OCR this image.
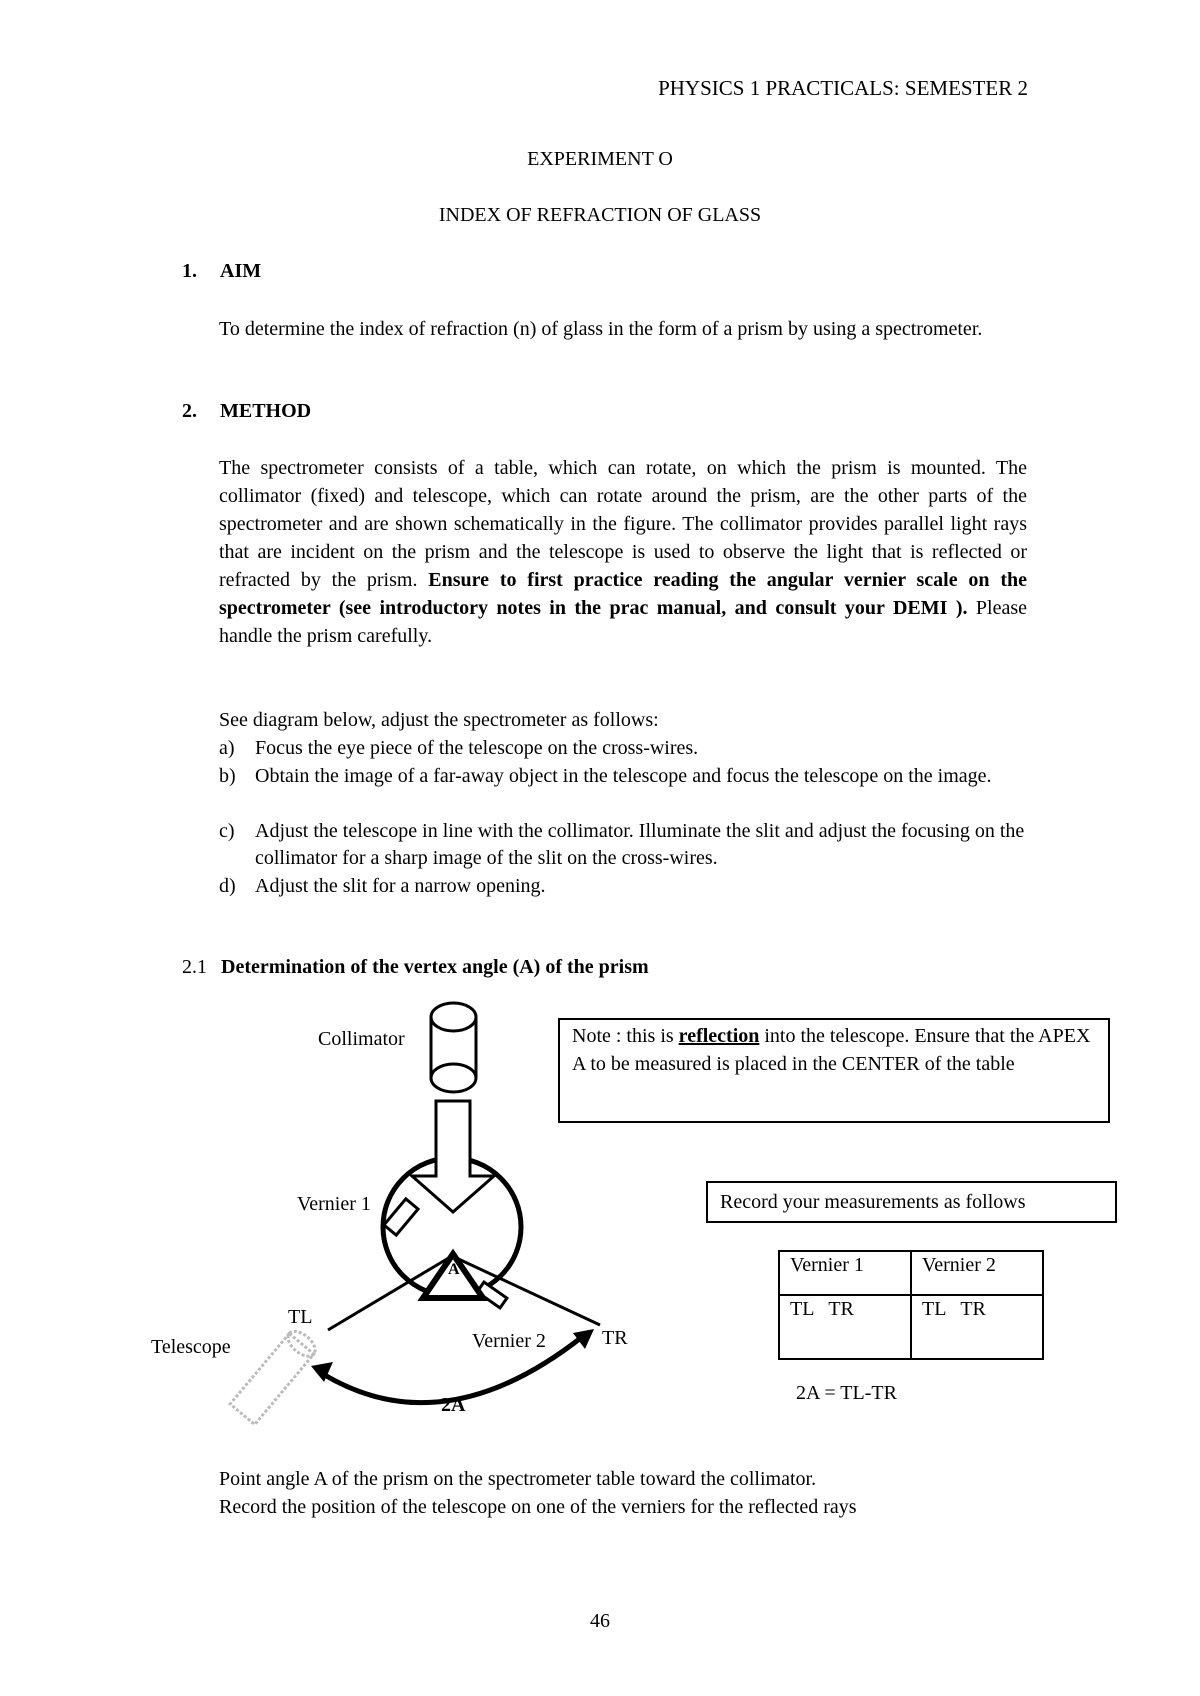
PHYSICS 1 PRACTICALS: SEMESTER 2
EXPERIMENT O
INDEX OF REFRACTION OF GLASS
1. AIM
To determine the index of refraction (n) of glass in the form of a prism by using a spectrometer.
2. METHOD
The spectrometer consists of a table, which can rotate, on which the prism is mounted. The collimator (fixed) and telescope, which can rotate around the prism, are the other parts of the spectrometer and are shown schematically in the figure. The collimator provides parallel light rays that are incident on the prism and the telescope is used to observe the light that is reflected or refracted by the prism. Ensure to first practice reading the angular vernier scale on the spectrometer (see introductory notes in the prac manual, and consult your DEMI ). Please handle the prism carefully.
See diagram below, adjust the spectrometer as follows:
a) Focus the eye piece of the telescope on the cross-wires.
b) Obtain the image of a far-away object in the telescope and focus the telescope on the image.
c) Adjust the telescope in line with the collimator. Illuminate the slit and adjust the focusing on the collimator for a sharp image of the slit on the cross-wires.
d) Adjust the slit for a narrow opening.
2.1 Determination of the vertex angle (A) of the prism
Collimator
Vernier 1
A
TL
Telescope	Vernier 2	TR
2A
Note : this is reflection into the telescope. Ensure that the APEX A to be measured is placed in the CENTER of the table
Record your measurements as follows
Vernier 1	Vernier 2
TL   TR	TL   TR
2A = TL-TR
Point angle A of the prism on the spectrometer table toward the collimator.
Record the position of the telescope on one of the verniers for the reflected rays
46
